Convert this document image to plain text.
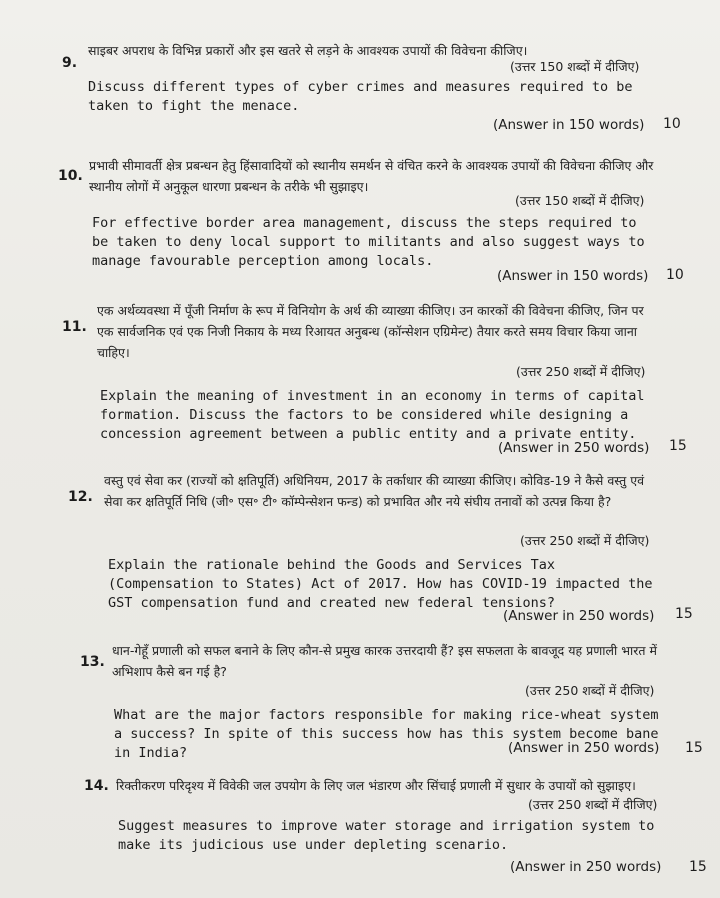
9.
साइबर अपराध के विभिन्न प्रकारों और इस खतरे से लड़ने के आवश्यक उपायों की विवेचना कीजिए।
(उत्तर 150 शब्दों में दीजिए)
Discuss different types of cyber crimes and measures required to be taken to fight the menace.
(Answer in 150 words) 10
10.
प्रभावी सीमावर्ती क्षेत्र प्रबन्धन हेतु हिंसावादियों को स्थानीय समर्थन से वंचित करने के आवश्यक उपायों की विवेचना कीजिए और स्थानीय लोगों में अनुकूल धारणा प्रबन्धन के तरीके भी सुझाइए।
(उत्तर 150 शब्दों में दीजिए)
For effective border area management, discuss the steps required to be taken to deny local support to militants and also suggest ways to manage favourable perception among locals.
(Answer in 150 words) 10
11.
एक अर्थव्यवस्था में पूँजी निर्माण के रूप में विनियोग के अर्थ की व्याख्या कीजिए। उन कारकों की विवेचना कीजिए, जिन पर एक सार्वजनिक एवं एक निजी निकाय के मध्य रिआयत अनुबन्ध (कॉन्सेशन एग्रिमेन्ट) तैयार करते समय विचार किया जाना चाहिए।
(उत्तर 250 शब्दों में दीजिए)
Explain the meaning of investment in an economy in terms of capital formation. Discuss the factors to be considered while designing a concession agreement between a public entity and a private entity.
(Answer in 250 words) 15
12.
वस्तु एवं सेवा कर (राज्यों को क्षतिपूर्ति) अधिनियम, 2017 के तर्काधार की व्याख्या कीजिए। कोविड-19 ने कैसे वस्तु एवं सेवा कर क्षतिपूर्ति निधि (जी॰ एस॰ टी॰ कॉम्पेन्सेशन फन्ड) को प्रभावित और नये संघीय तनावों को उत्पन्न किया है?
(उत्तर 250 शब्दों में दीजिए)
Explain the rationale behind the Goods and Services Tax (Compensation to States) Act of 2017. How has COVID-19 impacted the GST compensation fund and created new federal tensions?
(Answer in 250 words) 15
13.
धान-गेहूँ प्रणाली को सफल बनाने के लिए कौन-से प्रमुख कारक उत्तरदायी हैं? इस सफलता के बावजूद यह प्रणाली भारत में अभिशाप कैसे बन गई है?
(उत्तर 250 शब्दों में दीजिए)
What are the major factors responsible for making rice-wheat system a success? In spite of this success how has this system become bane in India?	(Answer in 250 words) 15
14. रिक्तीकरण परिदृश्य में विवेकी जल उपयोग के लिए जल भंडारण और सिंचाई प्रणाली में सुधार के उपायों को सुझाइए।
(उत्तर 250 शब्दों में दीजिए)
Suggest measures to improve water storage and irrigation system to make its judicious use under depleting scenario.
(Answer in 250 words) 15
